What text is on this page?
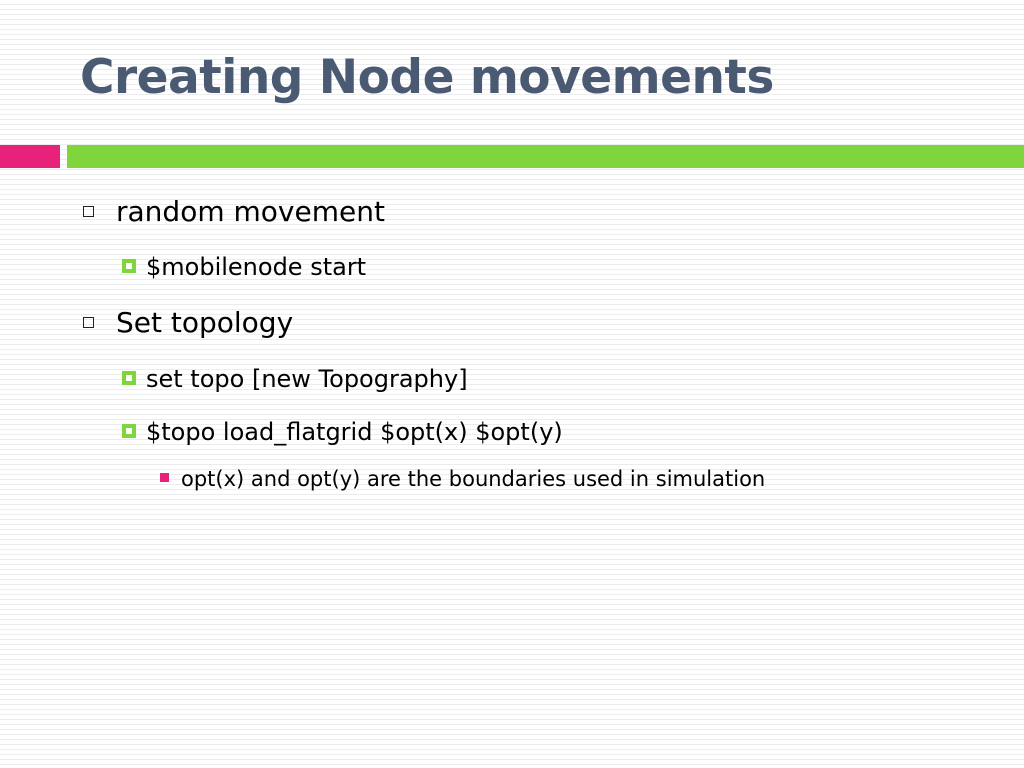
Creating Node movements
random movement
$mobilenode start
Set topology
set topo [new Topography]
$topo load_flatgrid $opt(x) $opt(y)
opt(x) and opt(y) are the boundaries used in simulation
